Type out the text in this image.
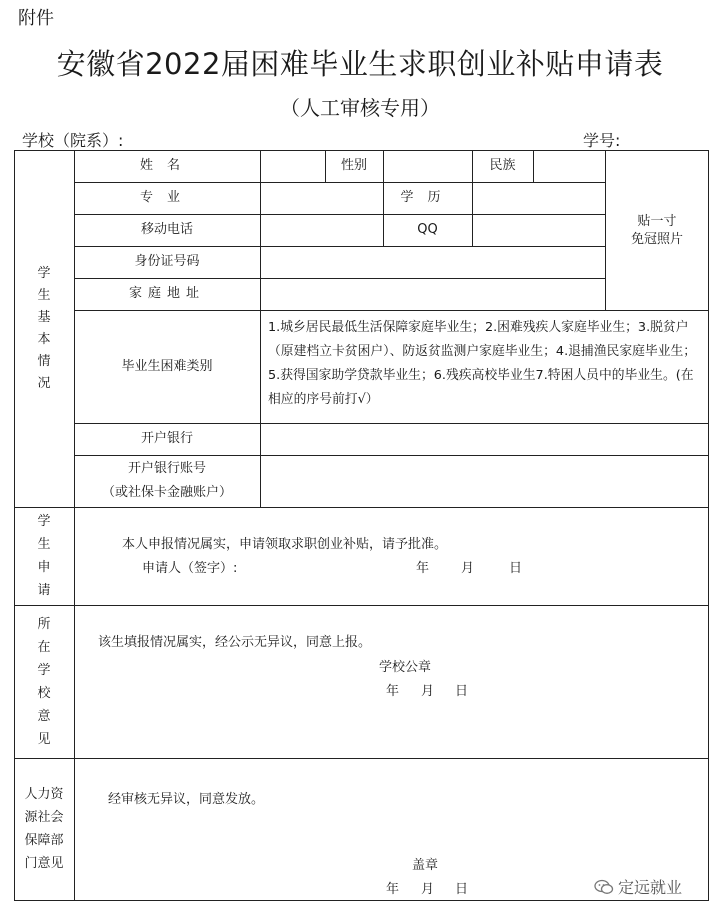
附件
安徽省2022届困难毕业生求职创业补贴申请表
（人工审核专用）
学校（院系）:	学号:
学
生
基
本
情
况
姓名	性别	民族
专业	学历
移动电话	QQ
身份证号码
家庭地址
贴一寸
免冠照片
毕业生困难类别
1.城乡居民最低生活保障家庭毕业生；2.困难残疾人家庭毕业生；3.脱贫户
（原建档立卡贫困户）、防返贫监测户家庭毕业生；4.退捕渔民家庭毕业生；
5.获得国家助学贷款毕业生；6.残疾高校毕业生7.特困人员中的毕业生。(在
相应的序号前打√）
开户银行
开户银行账号
（或社保卡金融账户）
学
生
申
请
本人申报情况属实，申请领取求职创业补贴，请予批准。
申请人（签字）:	年 月	日
所
在
学
校
意
见
该生填报情况属实，经公示无异议，同意上报。
学校公章
年 月 日
人力资
源社会
保障部
门意见
经审核无异议，同意发放。
盖章
年 月 日	定远就业
